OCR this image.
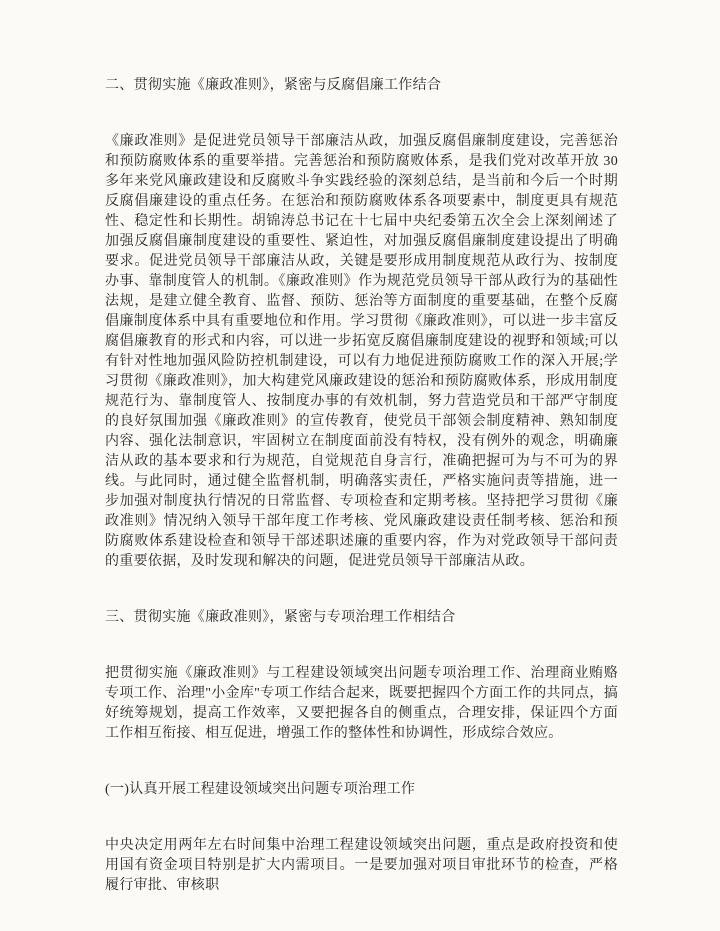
二、贯彻实施《廉政准则》，紧密与反腐倡廉工作结合
《廉政准则》是促进党员领导干部廉洁从政，加强反腐倡廉制度建设，完善惩治和预防腐败体系的重要举措。完善惩治和预防腐败体系，是我们党对改革开放 30 多年来党风廉政建设和反腐败斗争实践经验的深刻总结，是当前和今后一个时期反腐倡廉建设的重点任务。在惩治和预防腐败体系各项要素中，制度更具有规范性、稳定性和长期性。胡锦涛总书记在十七届中央纪委第五次全会上深刻阐述了加强反腐倡廉制度建设的重要性、紧迫性，对加强反腐倡廉制度建设提出了明确要求。促进党员领导干部廉洁从政，关键是要形成用制度规范从政行为、按制度办事、靠制度管人的机制。《廉政准则》作为规范党员领导干部从政行为的基础性法规，是建立健全教育、监督、预防、惩治等方面制度的重要基础，在整个反腐倡廉制度体系中具有重要地位和作用。学习贯彻《廉政准则》，可以进一步丰富反腐倡廉教育的形式和内容，可以进一步拓宽反腐倡廉制度建设的视野和领域;可以有针对性地加强风险防控机制建设，可以有力地促进预防腐败工作的深入开展;学习贯彻《廉政准则》，加大构建党风廉政建设的惩治和预防腐败体系，形成用制度规范行为、靠制度管人、按制度办事的有效机制，努力营造党员和干部严守制度的良好氛围加强《廉政准则》的宣传教育，使党员干部领会制度精神、熟知制度内容、强化法制意识，牢固树立在制度面前没有特权，没有例外的观念，明确廉洁从政的基本要求和行为规范，自觉规范自身言行，准确把握可为与不可为的界线。与此同时，通过健全监督机制，明确落实责任，严格实施问责等措施，进一步加强对制度执行情况的日常监督、专项检查和定期考核。坚持把学习贯彻《廉政准则》情况纳入领导干部年度工作考核、党风廉政建设责任制考核、惩治和预防腐败体系建设检查和领导干部述职述廉的重要内容，作为对党政领导干部问责的重要依据，及时发现和解决的问题，促进党员领导干部廉洁从政。
三、贯彻实施《廉政准则》，紧密与专项治理工作相结合
把贯彻实施《廉政准则》与工程建设领域突出问题专项治理工作、治理商业贿赂专项工作、治理"小金库"专项工作结合起来，既要把握四个方面工作的共同点，搞好统筹规划，提高工作效率，又要把握各自的侧重点，合理安排，保证四个方面工作相互衔接、相互促进，增强工作的整体性和协调性，形成综合效应。
(一)认真开展工程建设领域突出问题专项治理工作
中央决定用两年左右时间集中治理工程建设领域突出问题，重点是政府投资和使用国有资金项目特别是扩大内需项目。一是要加强对项目审批环节的检查，严格履行审批、审核职
